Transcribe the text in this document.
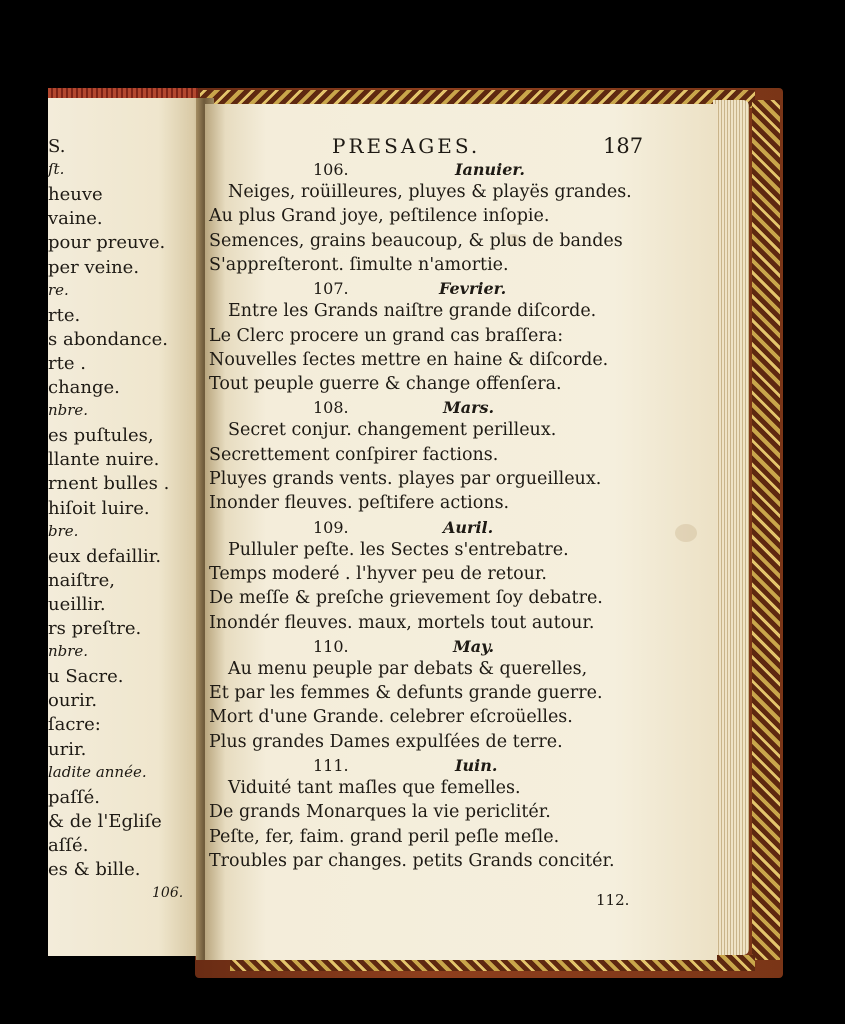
106.
S.
ſt.
heuve
vaine.
pour preuve.
per veine.
re.
rte.
s abondance.
rte .
change.
nbre.
es puſtules,
llante nuire.
rnent bulles .
hiſoit luire.
bre.
eux defaillir.
naiſtre,
ueillir.
rs preſtre.
nbre.
u Sacre.
ourir.
ſacre:
urir.
ladite année.
paſſé.
& de l'Egliſe
aſſé.
es & bille.
PRESAGES.	187
112.
106.	Ianuier.
Neiges, roüilleures, pluyes & playës grandes.
Au plus Grand joye, peſtilence inſopie.
Semences, grains beaucoup, & plus de bandes
S'appreſteront. ſimulte n'amortie.
107.	Fevrier.
Entre les Grands naiſtre grande diſcorde.
Le Clerc procere un grand cas braſſera:
Nouvelles ſectes mettre en haine & diſcorde.
Tout peuple guerre & change offenſera.
108.	Mars.
Secret conjur. changement perilleux.
Secrettement conſpirer factions.
Pluyes grands vents. playes par orgueilleux.
Inonder fleuves. peſtifere actions.
109.	Auril.
Pulluler peſte. les Sectes s'entrebatre.
Temps moderé . l'hyver peu de retour.
De meſſe & preſche grievement ſoy debatre.
Inondér fleuves. maux, mortels tout autour.
110.	May.
Au menu peuple par debats & querelles,
Et par les femmes & defunts grande guerre.
Mort d'une Grande. celebrer eſcroüelles.
Plus grandes Dames expulſées de terre.
111.	Iuin.
Viduité tant maſles que femelles.
De grands Monarques la vie periclitér.
Peſte, fer, faim. grand peril peſle meſle.
Troubles par changes. petits Grands concitér.
